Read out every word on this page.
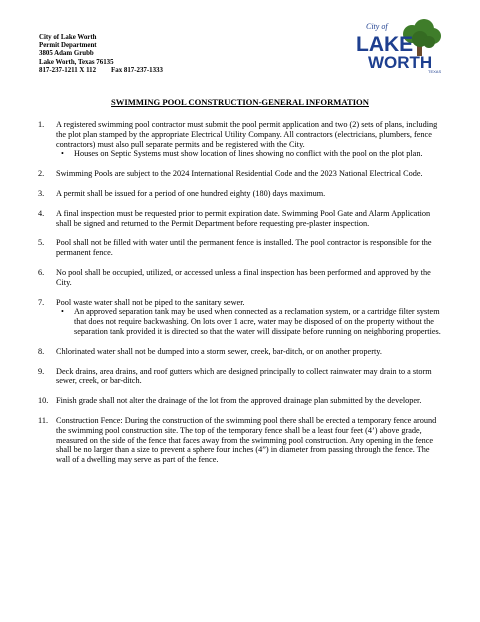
City of Lake Worth
Permit Department
3805 Adam Grubb
Lake Worth, Texas 76135
817-237-1211 X 112 Fax 817-237-1333
City of
LAKE
WORTH
TEXAS
SWIMMING POOL CONSTRUCTION-GENERAL INFORMATION
1. A registered swimming pool contractor must submit the pool permit application and two (2) sets of plans, including the plot plan stamped by the appropriate Electrical Utility Company. All contractors (electricians, plumbers, fence contractors) must also pull separate permits and be registered with the City.
• Houses on Septic Systems must show location of lines showing no conflict with the pool on the plot plan.
2. Swimming Pools are subject to the 2024 International Residential Code and the 2023 National Electrical Code.
3. A permit shall be issued for a period of one hundred eighty (180) days maximum.
4. A final inspection must be requested prior to permit expiration date. Swimming Pool Gate and Alarm Application shall be signed and returned to the Permit Department before requesting pre-plaster inspection.
5. Pool shall not be filled with water until the permanent fence is installed. The pool contractor is responsible for the permanent fence.
6. No pool shall be occupied, utilized, or accessed unless a final inspection has been performed and approved by the City.
7. Pool waste water shall not be piped to the sanitary sewer.
• An approved separation tank may be used when connected as a reclamation system, or a cartridge filter system that does not require backwashing. On lots over 1 acre, water may be disposed of on the property without the separation tank provided it is directed so that the water will dissipate before running on neighboring properties.
8. Chlorinated water shall not be dumped into a storm sewer, creek, bar-ditch, or on another property.
9. Deck drains, area drains, and roof gutters which are designed principally to collect rainwater may drain to a storm sewer, creek, or bar-ditch.
10. Finish grade shall not alter the drainage of the lot from the approved drainage plan submitted by the developer.
11. Construction Fence: During the construction of the swimming pool there shall be erected a temporary fence around the swimming pool construction site. The top of the temporary fence shall be a least four feet (4’) above grade, measured on the side of the fence that faces away from the swimming pool construction. Any opening in the fence shall be no larger than a size to prevent a sphere four inches (4”) in diameter from passing through the fence. The wall of a dwelling may serve as part of the fence.
